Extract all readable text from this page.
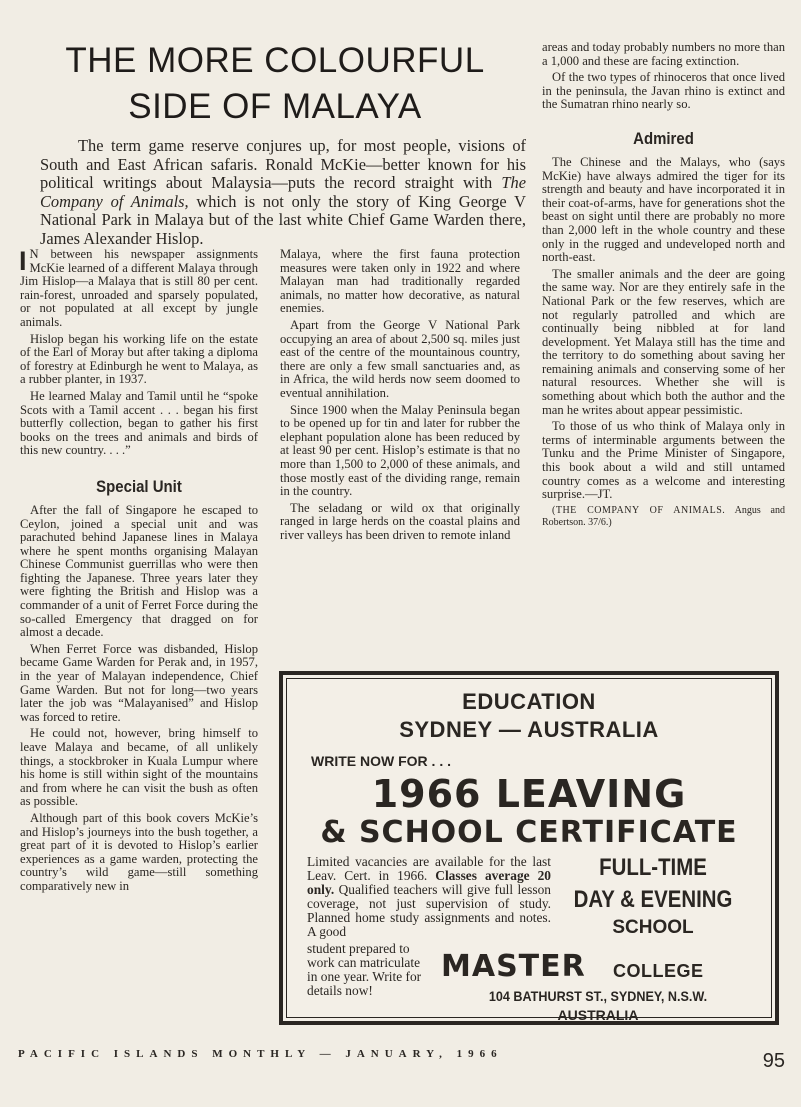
THE MORE COLOURFUL
SIDE OF MALAYA
The term game reserve conjures up, for most people, visions of South and East African safaris. Ronald McKie—better known for his political writings about Malaysia—puts the record straight with The Company of Animals, which is not only the story of King George V National Park in Malaya but of the last white Chief Game Warden there, James Alexander Hislop.

I N between his newspaper assignments McKie learned of a different Malaya through Jim Hislop—a Malaya that is still 80 per cent. rain-forest, unroaded and sparsely populated, or not populated at all except by jungle animals.

Hislop began his working life on the estate of the Earl of Moray but after taking a diploma of forestry at Edinburgh he went to Malaya, as a rubber planter, in 1937.

He learned Malay and Tamil until he “spoke Scots with a Tamil accent . . . began his first butterfly collection, began to gather his first books on the trees and animals and birds of this new country. . . .”

Special Unit

After the fall of Singapore he escaped to Ceylon, joined a special unit and was parachuted behind Japanese lines in Malaya where he spent months organising Malayan Chinese Communist guerrillas who were then fighting the Japanese. Three years later they were fighting the British and Hislop was a commander of a unit of Ferret Force during the so-called Emergency that dragged on for almost a decade.

When Ferret Force was disbanded, Hislop became Game Warden for Perak and, in 1957, in the year of Malayan independence, Chief Game Warden. But not for long—two years later the job was “Malayanised” and Hislop was forced to retire.

He could not, however, bring himself to leave Malaya and became, of all unlikely things, a stockbroker in Kuala Lumpur where his home is still within sight of the mountains and from where he can visit the bush as often as possible.

Although part of this book covers McKie’s and Hislop’s journeys into the bush together, a great part of it is devoted to Hislop’s earlier experiences as a game warden, protecting the country’s wild game—still something comparatively new in

Malaya, where the first fauna protection measures were taken only in 1922 and where Malayan man had traditionally regarded animals, no matter how decorative, as natural enemies.

Apart from the George V National Park occupying an area of about 2,500 sq. miles just east of the centre of the mountainous country, there are only a few small sanctuaries and, as in Africa, the wild herds now seem doomed to eventual annihilation.

Since 1900 when the Malay Peninsula began to be opened up for tin and later for rubber the elephant population alone has been reduced by at least 90 per cent. Hislop’s estimate is that no more than 1,500 to 2,000 of these animals, and those mostly east of the dividing range, remain in the country.

The seladang or wild ox that originally ranged in large herds on the coastal plains and river valleys has been driven to remote inland

areas and today probably numbers no more than a 1,000 and these are facing extinction.

Of the two types of rhinoceros that once lived in the peninsula, the Javan rhino is extinct and the Sumatran rhino nearly so.

Admired

The Chinese and the Malays, who (says McKie) have always admired the tiger for its strength and beauty and have incorporated it in their coat-of-arms, have for generations shot the beast on sight until there are probably no more than 2,000 left in the whole country and these only in the rugged and undeveloped north and north-east.

The smaller animals and the deer are going the same way. Nor are they entirely safe in the National Park or the few reserves, which are not regularly patrolled and which are continually being nibbled at for land development. Yet Malaya still has the time and the territory to do something about saving her remaining animals and conserving some of her natural resources. Whether she will is something about which both the author and the man he writes about appear pessimistic.

To those of us who think of Malaya only in terms of interminable arguments between the Tunku and the Prime Minister of Singapore, this book about a wild and still untamed country comes as a welcome and interesting surprise.—JT.

(THE COMPANY OF ANIMALS. Angus and Robertson. 37/6.)

EDUCATION
SYDNEY — AUSTRALIA
WRITE NOW FOR . . .
1966 LEAVING
& SCHOOL CERTIFICATE
Limited vacancies are available for the last Leav. Cert. in 1966. Classes average 20 only. Qualified teachers will give full lesson coverage, not just supervision of study. Planned home study assignments and notes. A good
student prepared to work can matriculate in one year. Write for details now!
FULL-TIME
DAY & EVENING
SCHOOL
MASTER COLLEGE
104 BATHURST ST., SYDNEY, N.S.W.
AUSTRALIA
PACIFIC ISLANDS MONTHLY — JANUARY, 1966	95
